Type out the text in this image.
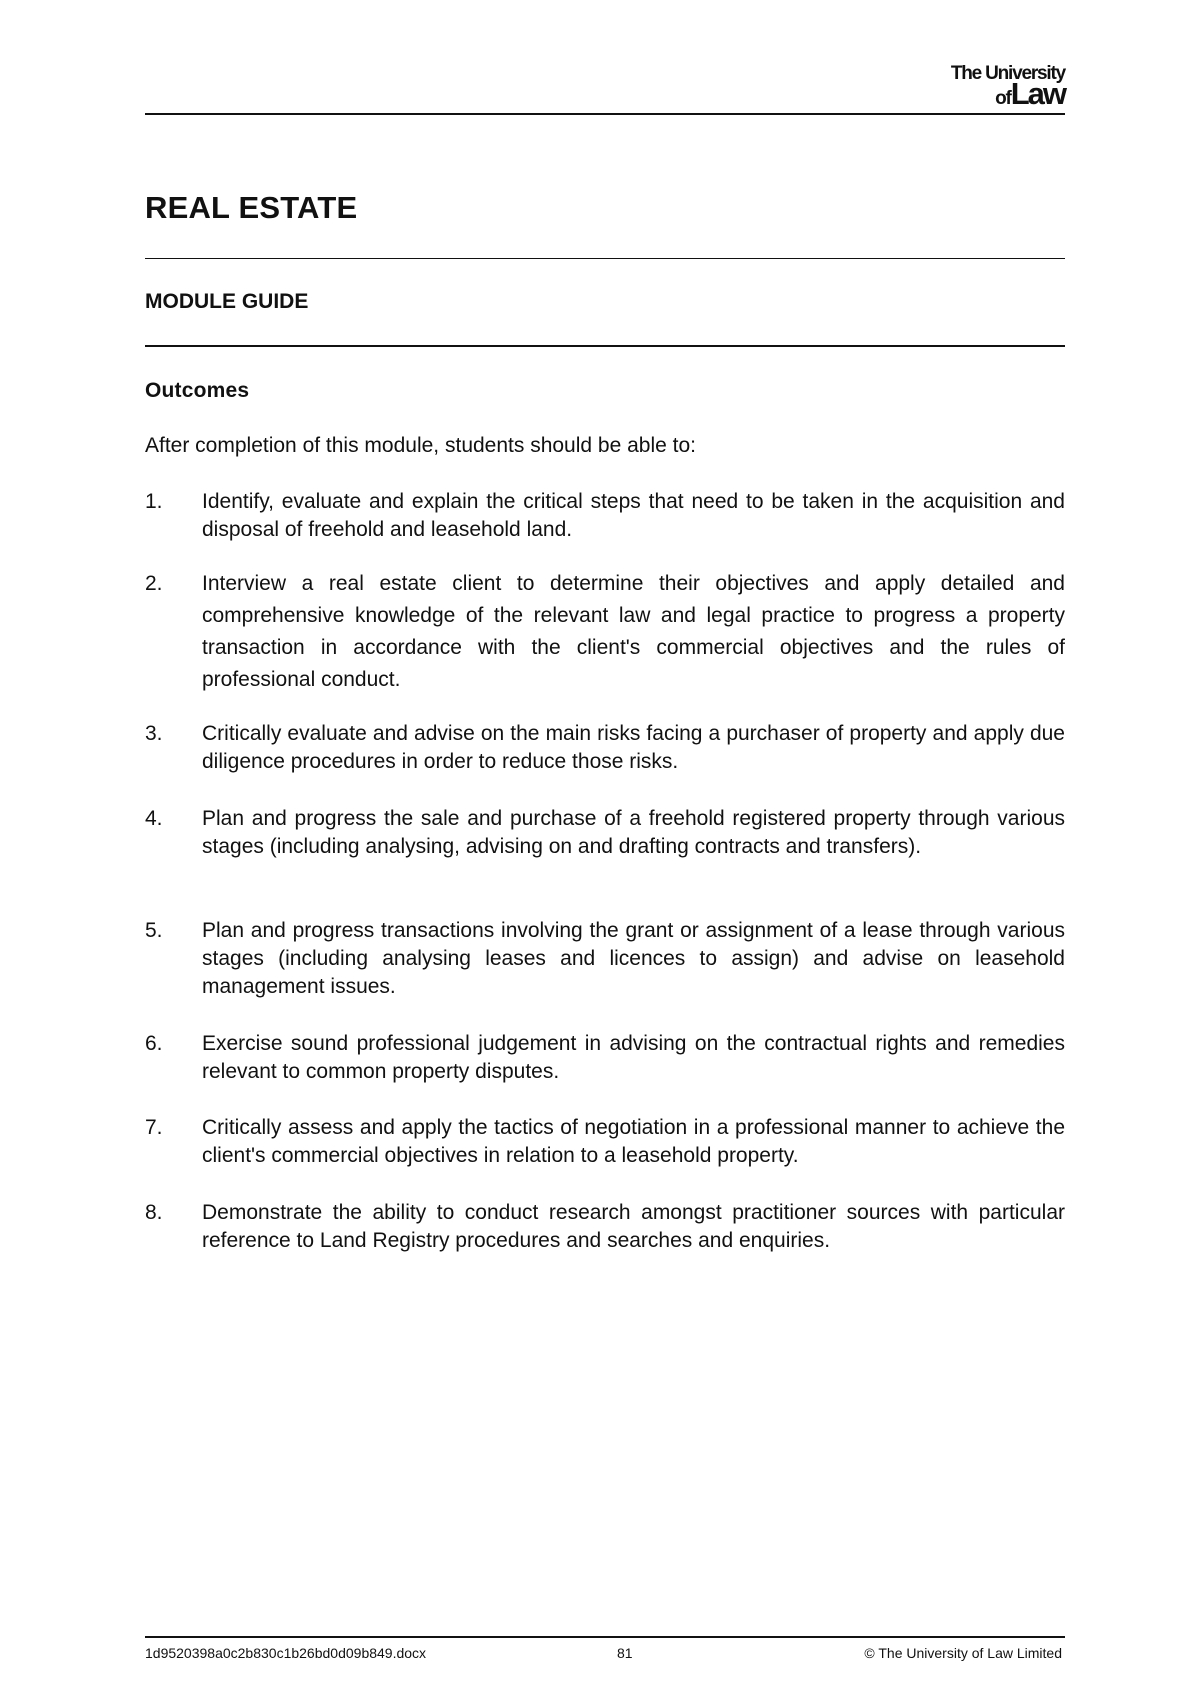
The University
ofLaw
REAL ESTATE
MODULE GUIDE
Outcomes

After completion of this module, students should be able to:

1. Identify, evaluate and explain the critical steps that need to be taken in the acquisition and disposal of freehold and leasehold land.
2. Interview a real estate client to determine their objectives and apply detailed and comprehensive knowledge of the relevant law and legal practice to progress a property transaction in accordance with the client's commercial objectives and the rules of professional conduct.
3. Critically evaluate and advise on the main risks facing a purchaser of property and apply due diligence procedures in order to reduce those risks.
4. Plan and progress the sale and purchase of a freehold registered property through various stages (including analysing, advising on and drafting contracts and transfers).
5. Plan and progress transactions involving the grant or assignment of a lease through various stages (including analysing leases and licences to assign) and advise on leasehold management issues.
6. Exercise sound professional judgement in advising on the contractual rights and remedies relevant to common property disputes.
7. Critically assess and apply the tactics of negotiation in a professional manner to achieve the client's commercial objectives in relation to a leasehold property.
8. Demonstrate the ability to conduct research amongst practitioner sources with particular reference to Land Registry procedures and searches and enquiries.
1d9520398a0c2b830c1b26bd0d09b849.docx	81	© The University of Law Limited
